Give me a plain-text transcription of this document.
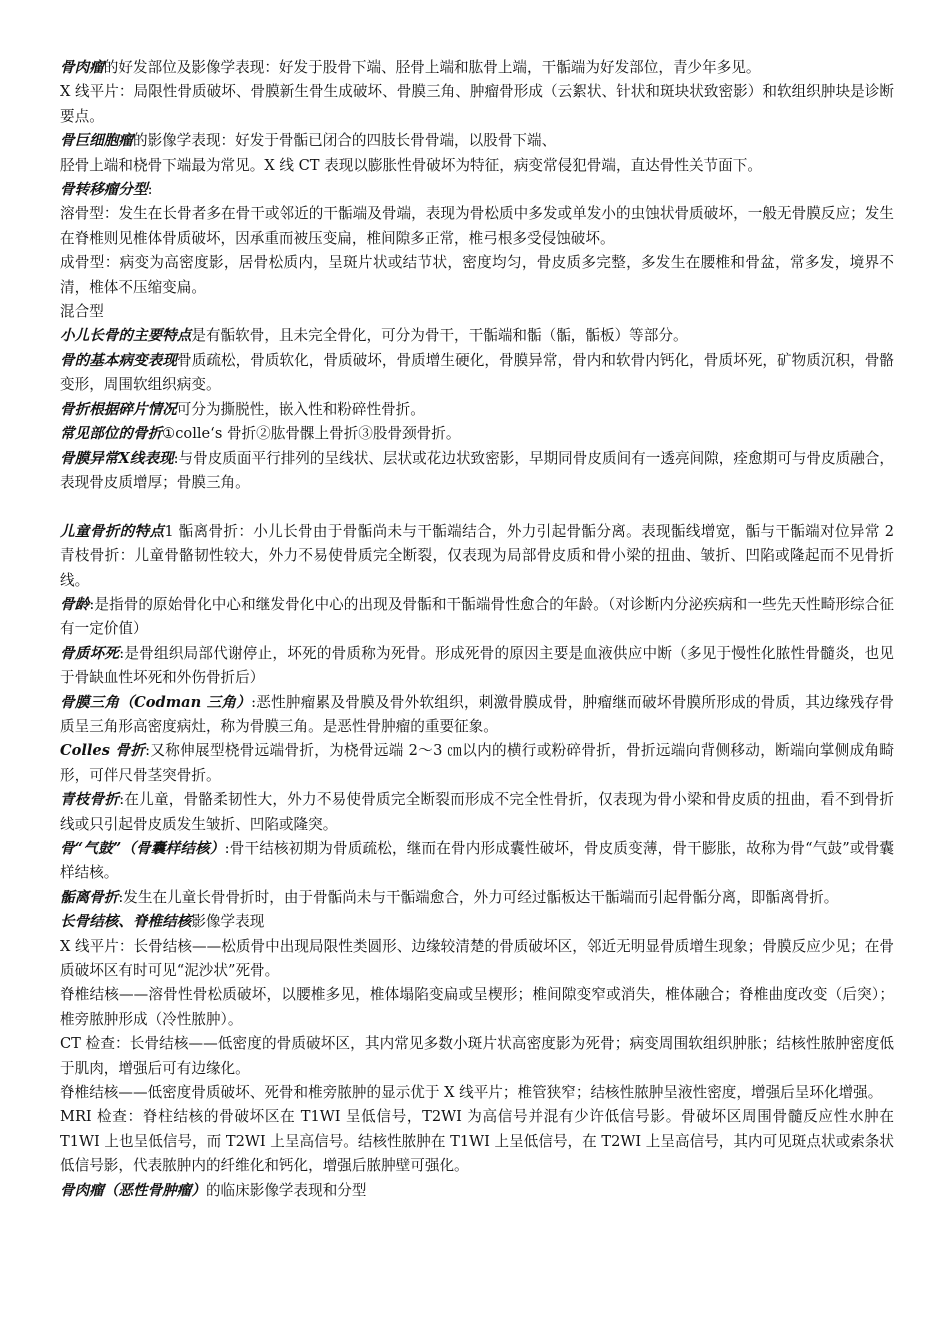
骨肉瘤的好发部位及影像学表现：好发于股骨下端、胫骨上端和肱骨上端，干骺端为好发部位，青少年多见。

X 线平片：局限性骨质破坏、骨膜新生骨生成破坏、骨膜三角、肿瘤骨形成（云絮状、针状和斑块状致密影）和软组织肿块是诊断要点。

骨巨细胞瘤的影像学表现：好发于骨骺已闭合的四肢长骨骨端，以股骨下端、

胫骨上端和桡骨下端最为常见。X 线 CT 表现以膨胀性骨破坏为特征，病变常侵犯骨端，直达骨性关节面下。

骨转移瘤分型:

溶骨型：发生在长骨者多在骨干或邻近的干骺端及骨端，表现为骨松质中多发或单发小的虫蚀状骨质破坏，一般无骨膜反应；发生在脊椎则见椎体骨质破坏，因承重而被压变扁，椎间隙多正常，椎弓根多受侵蚀破坏。

成骨型：病变为高密度影，居骨松质内，呈斑片状或结节状，密度均匀，骨皮质多完整，多发生在腰椎和骨盆，常多发，境界不清，椎体不压缩变扁。

混合型

小儿长骨的主要特点是有骺软骨，且未完全骨化，可分为骨干，干骺端和骺（骺，骺板）等部分。

骨的基本病变表现骨质疏松，骨质软化，骨质破坏，骨质增生硬化，骨膜异常，骨内和软骨内钙化，骨质坏死，矿物质沉积，骨骼变形，周围软组织病变。

骨折根据碎片情况可分为撕脱性，嵌入性和粉碎性骨折。

常见部位的骨折①colle‘s 骨折②肱骨髁上骨折③股骨颈骨折。

骨膜异常X线表现:与骨皮质面平行排列的呈线状、层状或花边状致密影，早期同骨皮质间有一透亮间隙，痊愈期可与骨皮质融合，表现骨皮质增厚；骨膜三角。

儿童骨折的特点1 骺离骨折：小儿长骨由于骨骺尚未与干骺端结合，外力引起骨骺分离。表现骺线增宽，骺与干骺端对位异常 2 青枝骨折：儿童骨骼韧性较大，外力不易使骨质完全断裂，仅表现为局部骨皮质和骨小梁的扭曲、皱折、凹陷或隆起而不见骨折线。

骨龄:是指骨的原始骨化中心和继发骨化中心的出现及骨骺和干骺端骨性愈合的年龄。（对诊断内分泌疾病和一些先天性畸形综合征有一定价值）

骨质坏死:是骨组织局部代谢停止，坏死的骨质称为死骨。形成死骨的原因主要是血液供应中断（多见于慢性化脓性骨髓炎，也见于骨缺血性坏死和外伤骨折后）

骨膜三角（Codman 三角）:恶性肿瘤累及骨膜及骨外软组织，刺激骨膜成骨，肿瘤继而破坏骨膜所形成的骨质，其边缘残存骨质呈三角形高密度病灶，称为骨膜三角。是恶性骨肿瘤的重要征象。

Colles 骨折:又称伸展型桡骨远端骨折，为桡骨远端 2～3 ㎝以内的横行或粉碎骨折，骨折远端向背侧移动，断端向掌侧成角畸形，可伴尺骨茎突骨折。

青枝骨折:在儿童，骨骼柔韧性大，外力不易使骨质完全断裂而形成不完全性骨折，仅表现为骨小梁和骨皮质的扭曲，看不到骨折线或只引起骨皮质发生皱折、凹陷或隆突。

骨“气鼓”（骨囊样结核）:骨干结核初期为骨质疏松，继而在骨内形成囊性破坏，骨皮质变薄，骨干膨胀，故称为骨“气鼓”或骨囊样结核。

骺离骨折:发生在儿童长骨骨折时，由于骨骺尚未与干骺端愈合，外力可经过骺板达干骺端而引起骨骺分离，即骺离骨折。

长骨结核、脊椎结核影像学表现

X 线平片：长骨结核——松质骨中出现局限性类圆形、边缘较清楚的骨质破坏区，邻近无明显骨质增生现象；骨膜反应少见；在骨质破坏区有时可见“泥沙状”死骨。

脊椎结核——溶骨性骨松质破坏，以腰椎多见，椎体塌陷变扁或呈楔形；椎间隙变窄或消失，椎体融合；脊椎曲度改变（后突）；椎旁脓肿形成（冷性脓肿）。

CT 检查：长骨结核——低密度的骨质破坏区，其内常见多数小斑片状高密度影为死骨；病变周围软组织肿胀；结核性脓肿密度低于肌肉，增强后可有边缘化。

脊椎结核——低密度骨质破坏、死骨和椎旁脓肿的显示优于 X 线平片；椎管狭窄；结核性脓肿呈液性密度，增强后呈环化增强。

MRI 检查：脊柱结核的骨破坏区在 T1WI 呈低信号，T2WI 为高信号并混有少许低信号影。骨破坏区周围骨髓反应性水肿在 T1WI 上也呈低信号，而 T2WI 上呈高信号。结核性脓肿在 T1WI 上呈低信号，在 T2WI 上呈高信号，其内可见斑点状或索条状低信号影，代表脓肿内的纤维化和钙化，增强后脓肿壁可强化。

骨肉瘤（恶性骨肿瘤）的临床影像学表现和分型
